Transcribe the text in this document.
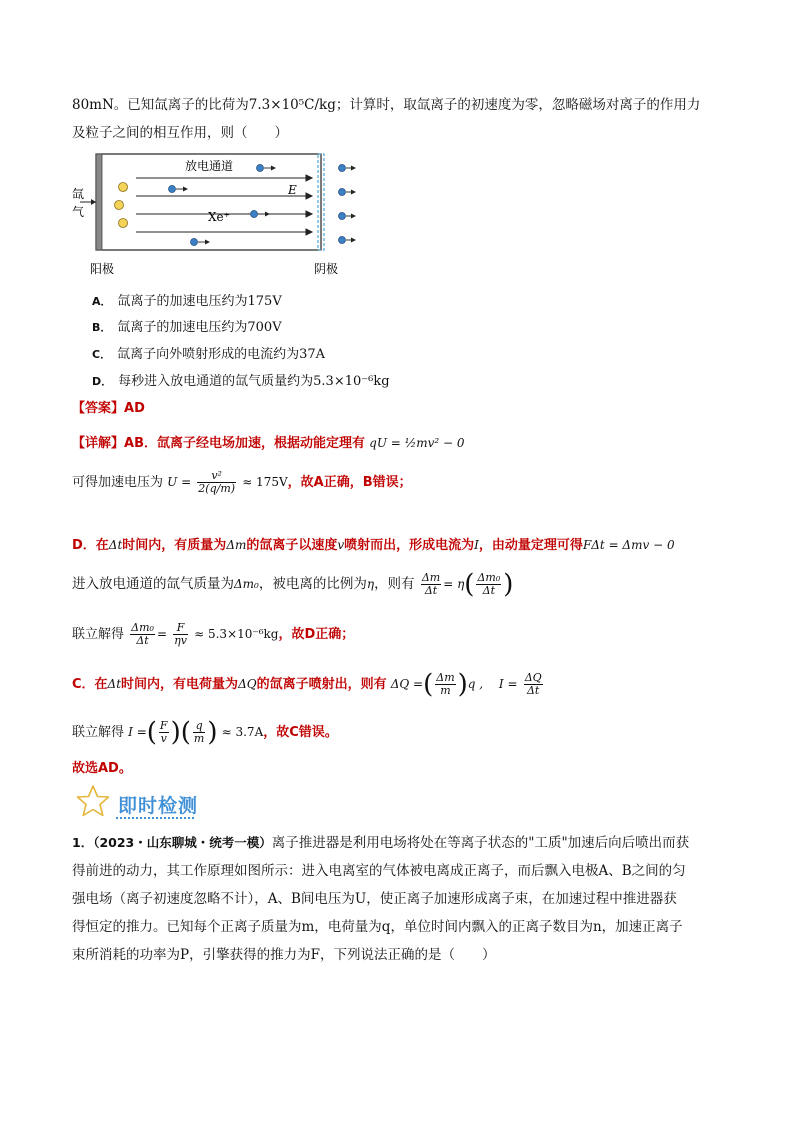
80mN。已知氙离子的比荷为7.3×10⁵C/kg；计算时，取氙离子的初速度为零，忽略磁场对离子的作用力
及粒子之间的相互作用，则（　　）
氙
气
放电通道
E
Xe⁺
阳极	阴极
A． 氙离子的加速电压约为175V
B． 氙离子的加速电压约为700V
C． 氙离子向外喷射形成的电流约为37A
D． 每秒进入放电通道的氙气质量约为5.3×10⁻⁶kg
【答案】AD
【详解】AB．氙离子经电场加速，根据动能定理有 qU = ½mv² − 0
可得加速电压为 $U = \frac{\text{v²}}{2(q/m)} \approx 175V$，故A正确，B错误；
D．在Δt时间内，有质量为Δm的氙离子以速度v喷射而出，形成电流为I，由动量定理可得FΔt = Δmv − 0
进入放电通道的氙气质量为Δm₀，被电离的比例为η，则有 $\frac{\Delta m}{\Delta t} = \eta( \frac{\text{Δm₀}}{\Delta t}$ )
联立解得 $\frac{\text{Δm₀}}{\Delta t} = \frac{F}{\eta v} \approx 5.3\times 10^{-6}kg$，故D正确；
C．在Δt时间内，有电荷量为ΔQ的氙离子喷射出，则有 ΔQ =( $\frac{\Delta m}{m} )q$ ,　 $I = \frac{\Delta Q}{\Delta t}$
联立解得 I =( $\frac{F}{v}$ )( $\frac{q}{m}$ ) ≈ 3.7A，故C错误。
故选AD。
即时检测
1．（2023・山东聊城・统考一模）离子推进器是利用电场将处在等离子状态的"工质"加速后向后喷出而获
得前进的动力，其工作原理如图所示：进入电离室的气体被电离成正离子，而后飘入电极A、B之间的匀
强电场（离子初速度忽略不计），A、B间电压为U，使正离子加速形成离子束，在加速过程中推进器获
得恒定的推力。已知每个正离子质量为m，电荷量为q，单位时间内飘入的正离子数目为n，加速正离子
束所消耗的功率为P，引擎获得的推力为F，下列说法正确的是（　　）
